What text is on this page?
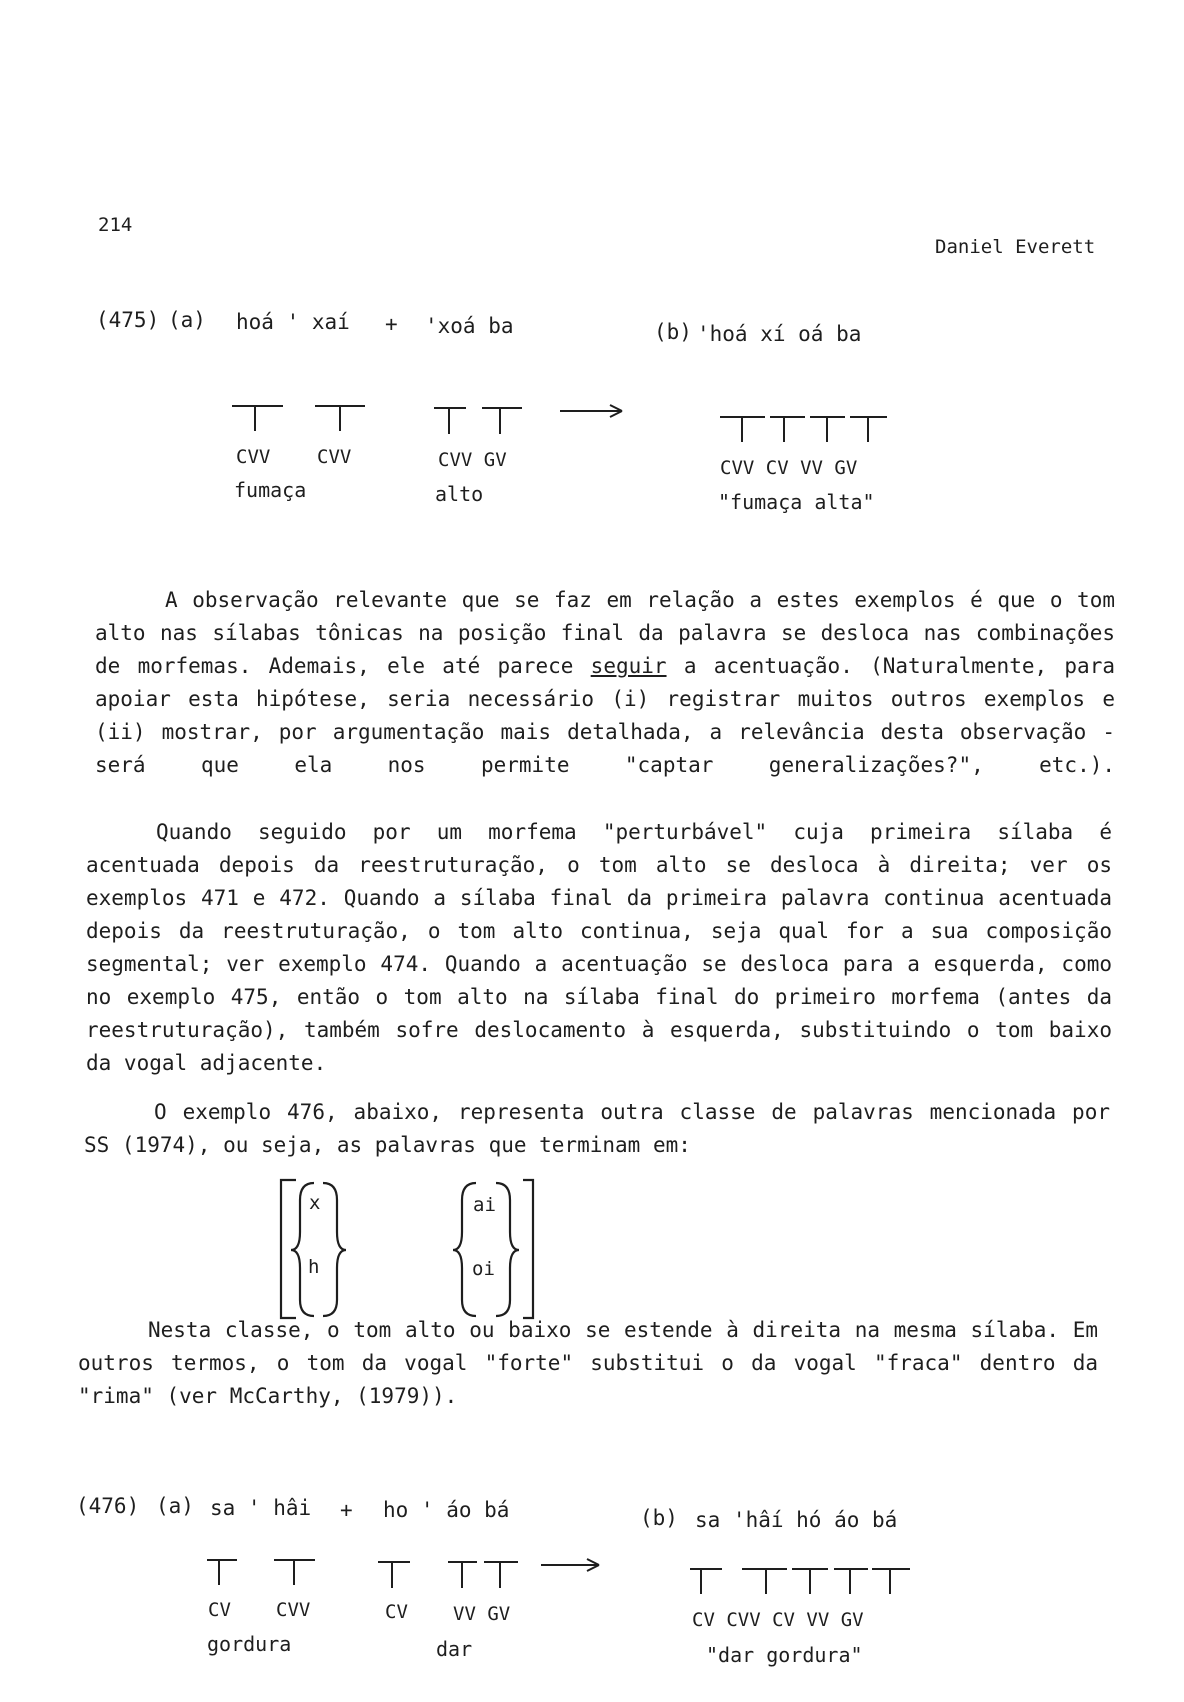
214
Daniel Everett
(475) (a) hoá ' xaí + 'xoá ba	(b) 'hoá xí oá ba
CVV CVV	CVV GV
fumaça	alto
CVV CV VV GV
"fumaça alta"
A observação relevante que se faz em relação a estes exemplos é que o tom alto nas sílabas tônicas na posição final da palavra se desloca nas combinações de morfemas. Ademais, ele até parece seguir a acentuação. (Naturalmente, para apoiar esta hipótese, seria necessário (i) registrar muitos outros exemplos e (ii) mostrar, por argumentação mais detalhada, a relevância desta observação - será que ela nos permite "captar generalizações?", etc.).
Quando seguido por um morfema "perturbável" cuja primeira sílaba é acentuada depois da reestruturação, o tom alto se desloca à direita; ver os exemplos 471 e 472. Quando a sílaba final da primeira palavra continua acentuada depois da reestruturação, o tom alto continua, seja qual for a sua composição segmental; ver exemplo 474. Quando a acentuação se desloca para a esquerda, como no exemplo 475, então o tom alto na sílaba final do primeiro morfema (antes da reestruturação), também sofre deslocamento à esquerda, substituindo o tom baixo da vogal adjacente.
O exemplo 476, abaixo, representa outra classe de palavras mencionada por SS (1974), ou seja, as palavras que terminam em:
x
h
ai
oi
Nesta classe, o tom alto ou baixo se estende à direita na mesma sílaba. Em outros termos, o tom da vogal "forte" substitui o da vogal "fraca" dentro da "rima" (ver McCarthy, (1979)).
(476) (a) sa ' hâi + ho ' áo bá	(b) sa 'hâí hó áo bá
CV CVV	CV VV GV
gordura	dar
CV CVV CV VV GV
"dar gordura"
